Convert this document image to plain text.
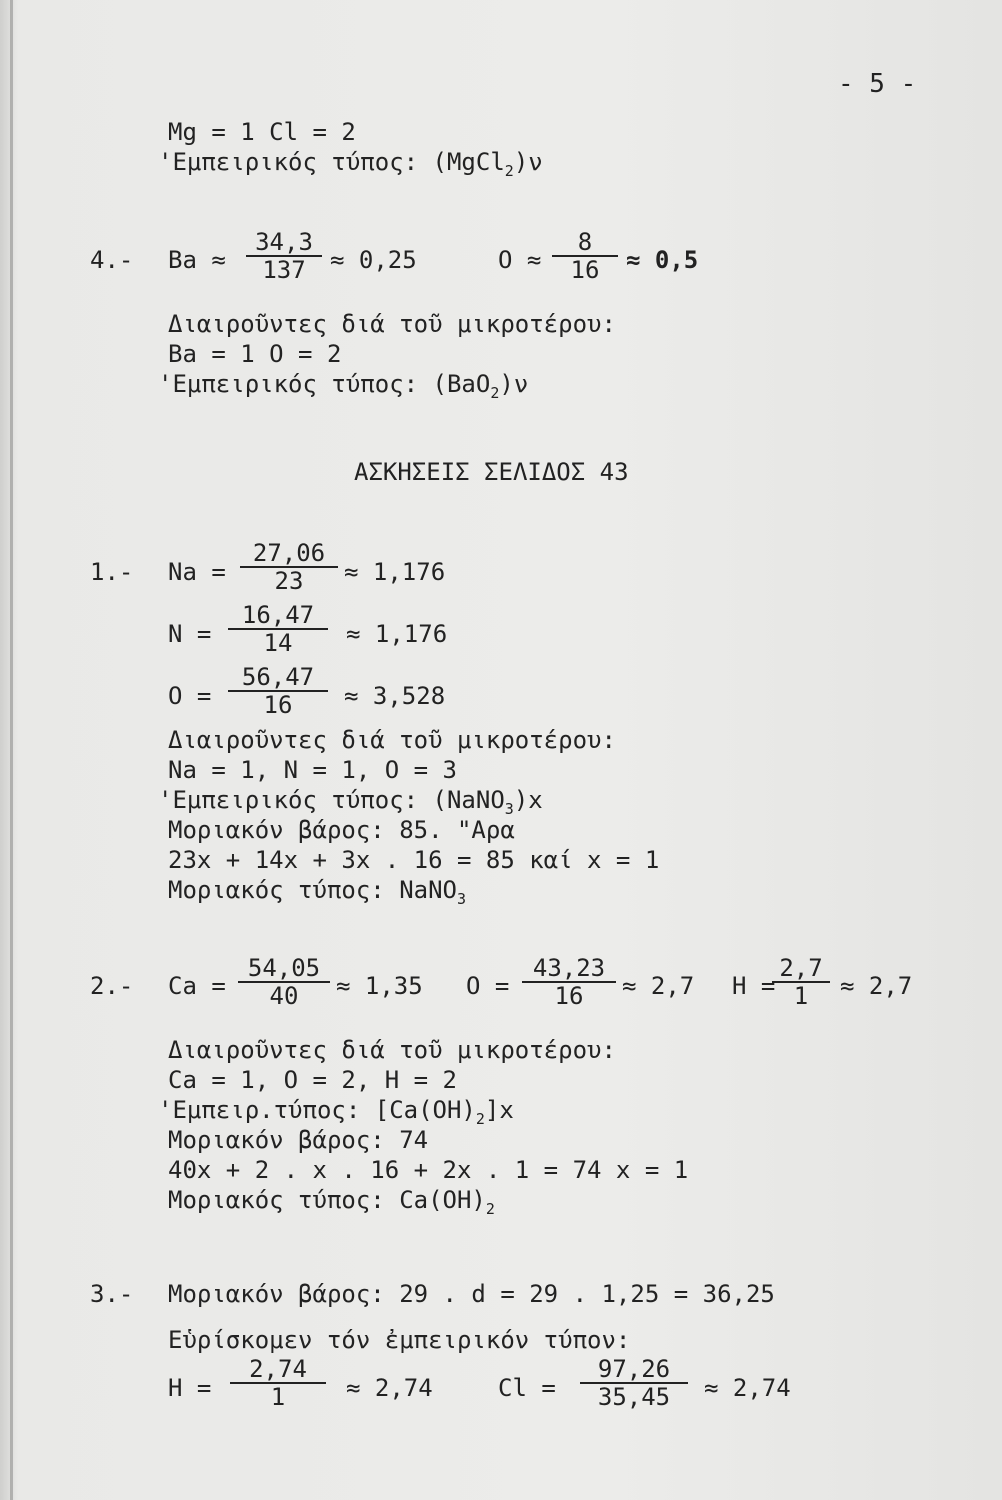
- 5 -
Mg = 1 Cl = 2
'Εμπειρικός τύπος: (MgCl$_2$)ν
4.- Ba ≈
34,3
137	≈ 0,25	O ≈
8
16	≈ 0,5
Διαιροῦντες διά τοῦ μικροτέρου:
Ba = 1 O = 2
'Εμπειρικός τύπος: (BaO$_2$)ν
ΑΣΚΗΣΕΙΣ ΣΕΛΙΔΟΣ 43
1.- Na =
27,06
23	≈ 1,176
N =
16,47
14	≈ 1,176
O =
56,47
16	≈ 3,528
Διαιροῦντες διά τοῦ μικροτέρου:
Na = 1, N = 1, O = 3
'Εμπειρικός τύπος: (NaNO$_3$)x
Μοριακόν βάρος: 85. "Αρα
23x + 14x + 3x . 16 = 85 καί x = 1
Μοριακός τύπος: NaNO$_3$
2.- Ca =
54,05
40	≈ 1,35 O =
43,23
16	≈ 2,7 H =
2,7
1	≈ 2,7
Διαιροῦντες διά τοῦ μικροτέρου:
Ca = 1, O = 2, H = 2
'Εμπειρ.τύπος: $[Ca(OH)_2]x$
Μοριακόν βάρος: 74
40x + 2 . x . 16 + 2x . 1 = 74 x = 1
Μοριακός τύπος: $Ca(OH)_2$
3.- Μοριακόν βάρος: 29 . d = 29 . 1,25 = 36,25
Εὑρίσκομεν τόν ἐμπειρικόν τύπον:
H =
2,74
1	≈ 2,74	Cl =
97,26
35,45	≈ 2,74
